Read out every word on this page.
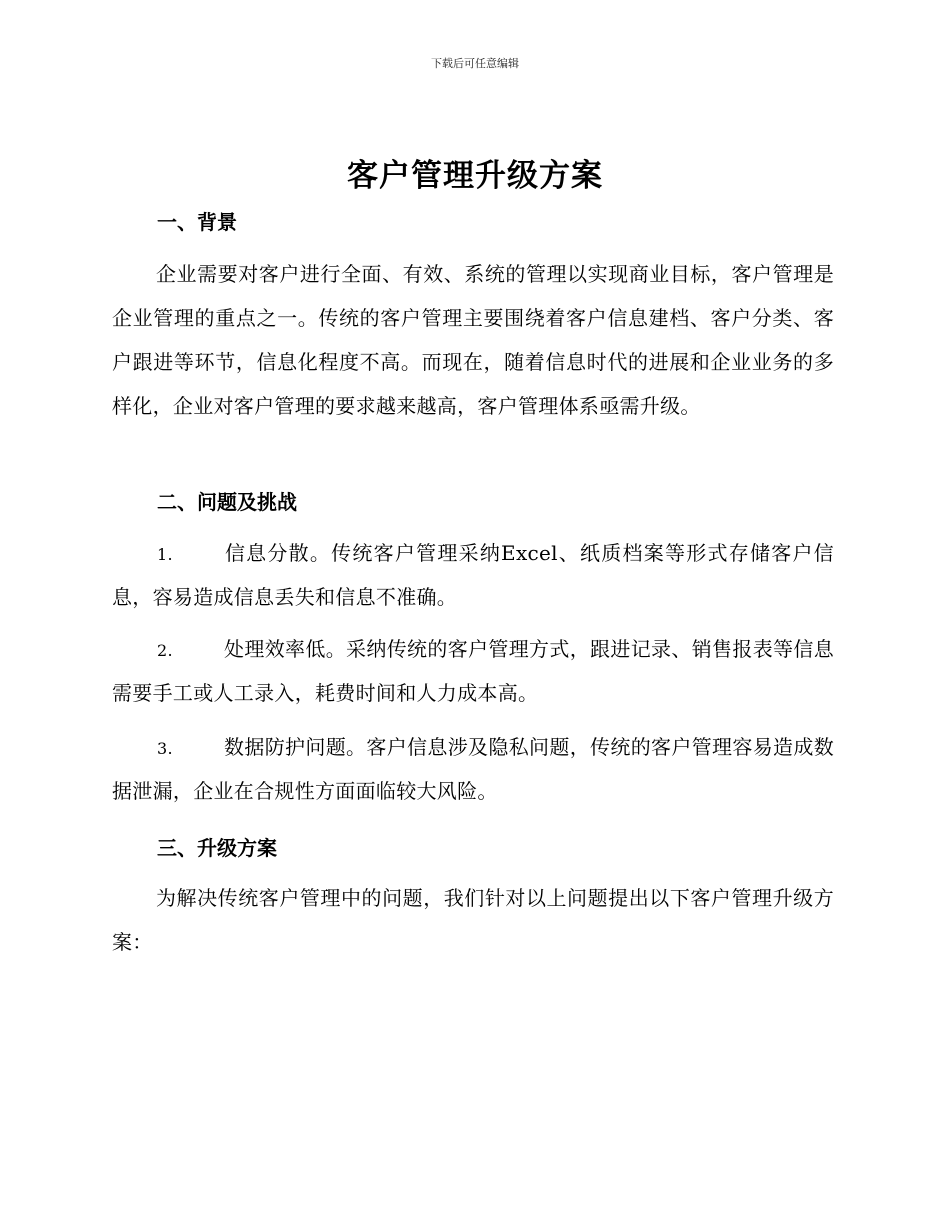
下载后可任意编辑
客户管理升级方案
一、背景
企业需要对客户进行全面、有效、系统的管理以实现商业目标，客户管理是企业管理的重点之一。传统的客户管理主要围绕着客户信息建档、客户分类、客户跟进等环节，信息化程度不高。而现在，随着信息时代的进展和企业业务的多样化，企业对客户管理的要求越来越高，客户管理体系亟需升级。
二、问题及挑战
1.	信息分散。传统客户管理采纳Excel、纸质档案等形式存储客户信息，容易造成信息丢失和信息不准确。
2.	处理效率低。采纳传统的客户管理方式，跟进记录、销售报表等信息需要手工或人工录入，耗费时间和人力成本高。
3.	数据防护问题。客户信息涉及隐私问题，传统的客户管理容易造成数据泄漏，企业在合规性方面面临较大风险。
三、升级方案
为解决传统客户管理中的问题，我们针对以上问题提出以下客户管理升级方案：
